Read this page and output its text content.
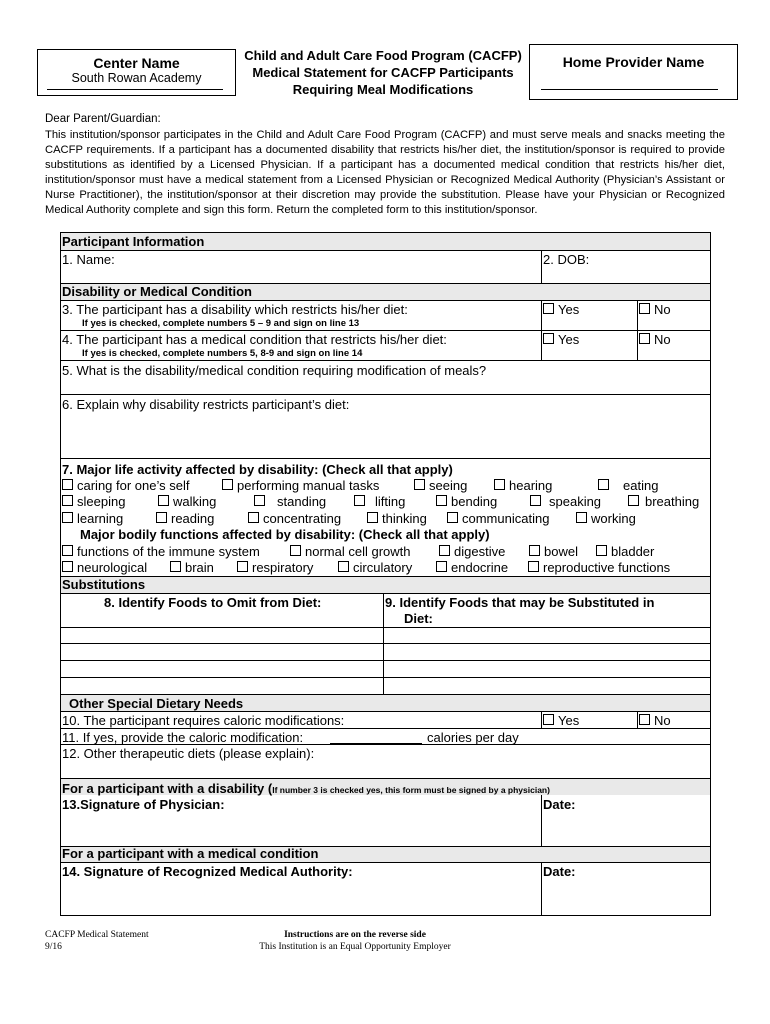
Center Name
South Rowan Academy
Child and Adult Care Food Program (CACFP)
Medical Statement for CACFP Participants
Requiring Meal Modifications
Home Provider Name
Dear Parent/Guardian:
This institution/sponsor participates in the Child and Adult Care Food Program (CACFP) and must serve meals and snacks meeting the CACFP requirements. If a participant has a documented disability that restricts his/her diet, the institution/sponsor is required to provide substitutions as identified by a Licensed Physician. If a participant has a documented medical condition that restricts his/her diet, institution/sponsor must have a medical statement from a Licensed Physician or Recognized Medical Authority (Physician’s Assistant or Nurse Practitioner), the institution/sponsor at their discretion may provide the substitution. Please have your Physician or Recognized Medical Authority complete and sign this form. Return the completed form to this institution/sponsor.
Participant Information
1. Name:	2. DOB:
Disability or Medical Condition
3. The participant has a disability which restricts his/her diet:
If yes is checked, complete numbers 5 – 9 and sign on line 13
Yes	No
4. The participant has a medical condition that restricts his/her diet:
If yes is checked, complete numbers 5, 8-9 and sign on line 14
Yes	No
5. What is the disability/medical condition requiring modification of meals?
6. Explain why disability restricts participant’s diet:
7. Major life activity affected by disability: (Check all that apply)
caring for one’s self	performing manual tasks	seeing	hearing	eating
sleeping	walking	standing	lifting	bending	speaking	breathing
learning	reading	concentrating	thinking	communicating	working
Major bodily functions affected by disability: (Check all that apply)
functions of the immune system	normal cell growth	digestive	bowel	bladder
neurological	brain	respiratory	circulatory	endocrine	reproductive functions
Substitutions
8. Identify Foods to Omit from Diet:	9. Identify Foods that may be Substituted in
Diet:
Other Special Dietary Needs
10. The participant requires caloric modifications:	Yes	No
11. If yes, provide the caloric modification:	calories per day
12. Other therapeutic diets (please explain):
For a participant with a disability (If number 3 is checked yes, this form must be signed by a physician)
13.Signature of Physician:	Date:
For a participant with a medical condition
14. Signature of Recognized Medical Authority:	Date:
CACFP Medical Statement
9/16
Instructions are on the reverse side
This Institution is an Equal Opportunity Employer
